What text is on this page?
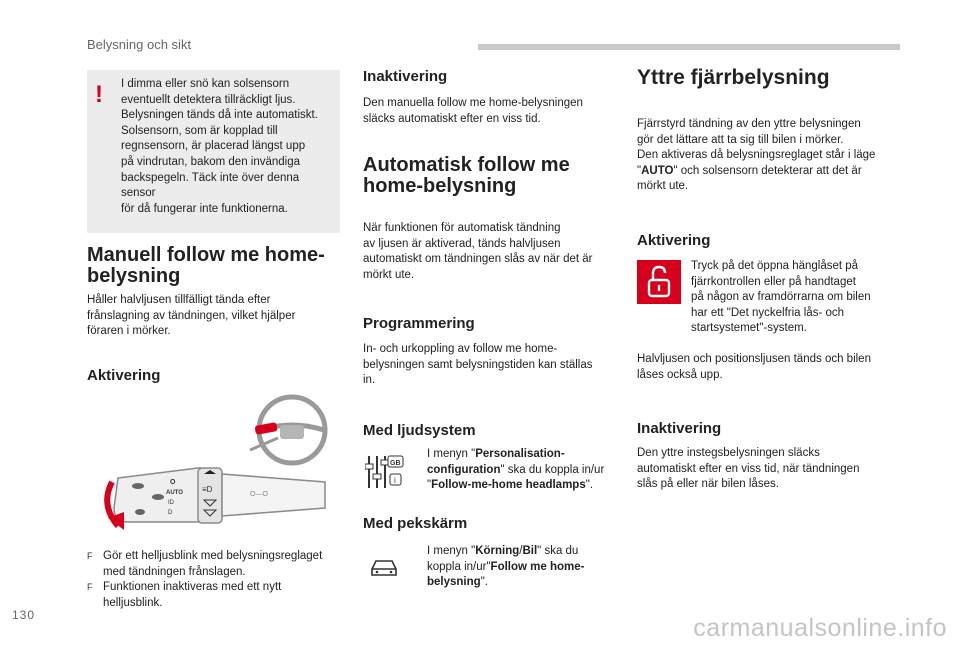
Belysning och sikt
130
! I dimma eller snö kan solsensorn
eventuellt detektera tillräckligt ljus.
Belysningen tänds då inte automatiskt.
Solsensorn, som är kopplad till
regnsensorn, är placerad längst upp
på vindrutan, bakom den invändiga
backspegeln. Täck inte över denna sensor
för då fungerar inte funktionerna.
Manuell follow me home-
belysning
Håller halvljusen tillfälligt tända efter
frånslagning av tändningen, vilket hjälper
föraren i mörker.
Aktivering
O
AUTO
ID
D
≡D
O—O
F Gör ett helljusblink med belysningsreglaget
med tändningen frånslagen.
F Funktionen inaktiveras med ett nytt
helljusblink.
Inaktivering
Den manuella follow me home-belysningen
släcks automatiskt efter en viss tid.
Automatisk follow me
home-belysning
När funktionen för automatisk tändning
av ljusen är aktiverad, tänds halvljusen
automatiskt om tändningen slås av när det är
mörkt ute.
Programmering
In- och urkoppling av follow me home-
belysningen samt belysningstiden kan ställas
in.
Med ljudsystem
GB
i
I menyn "Personalisation-
configuration" ska du koppla in/ur
"Follow-me-home headlamps".
Med pekskärm
I menyn "Körning/Bil" ska du
koppla in/ur"Follow me home-
belysning".
Yttre fjärrbelysning
Fjärrstyrd tändning av den yttre belysningen
gör det lättare att ta sig till bilen i mörker.
Den aktiveras då belysningsreglaget står i läge
"AUTO" och solsensorn detekterar att det är
mörkt ute.
Aktivering
Tryck på det öppna hänglåset på
fjärrkontrollen eller på handtaget
på någon av framdörrarna om bilen
har ett "Det nyckelfria lås- och
startsystemet"-system.
Halvljusen och positionsljusen tänds och bilen
låses också upp.
Inaktivering
Den yttre instegsbelysningen släcks
automatiskt efter en viss tid, när tändningen
slås på eller när bilen låses.
carmanualsonline.info
